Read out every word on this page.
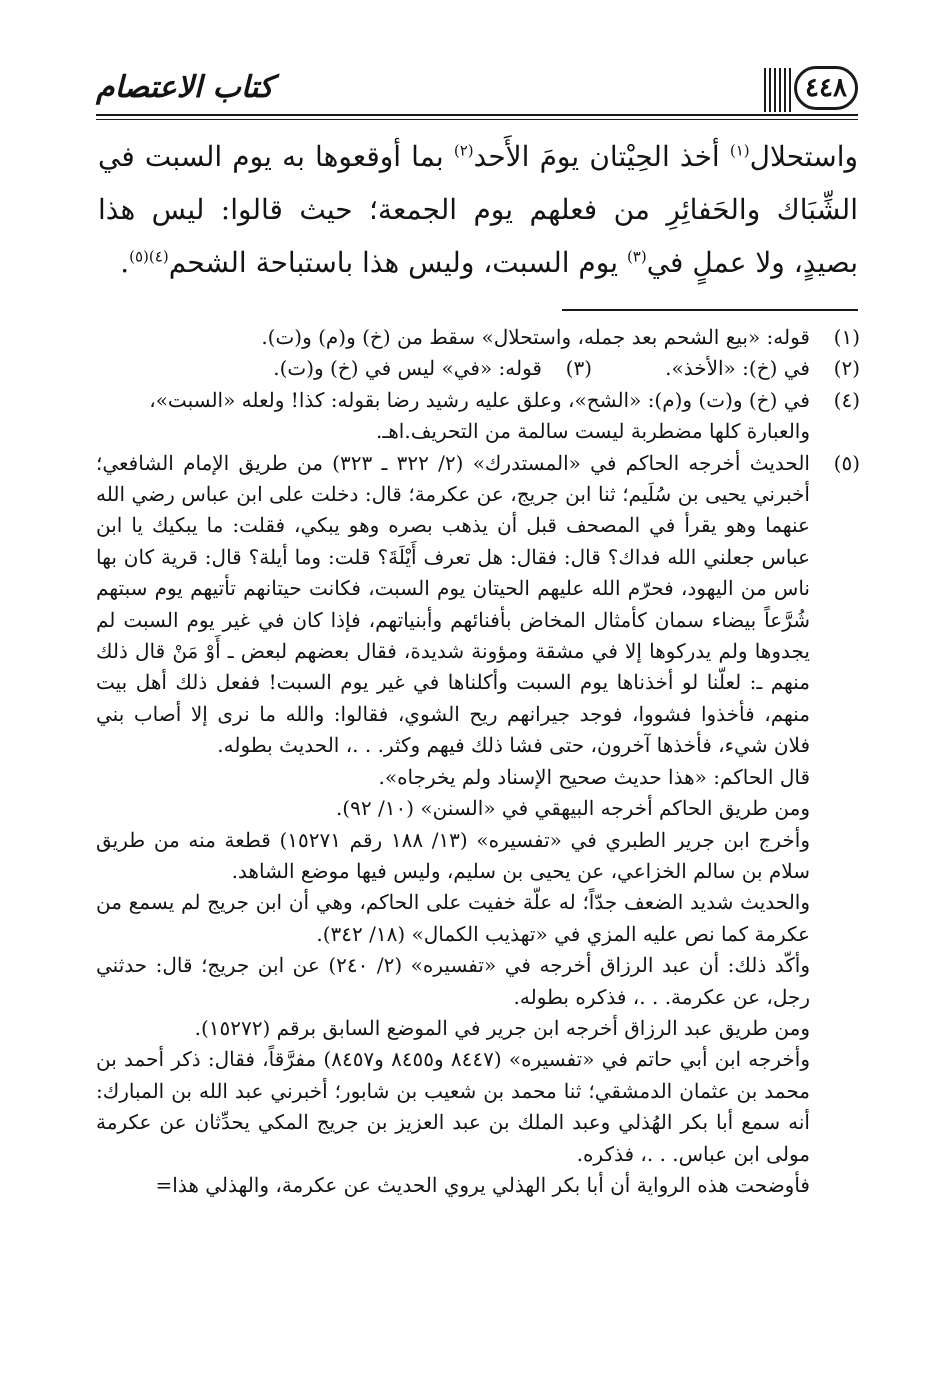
كتاب الاعتصام	٤٤٨

واستحلال$^{(١)}$ أخذ الحِيْتان يومَ الأَحد$^{(٢)}$ بما أوقعوها به يوم السبت في الشِّبَاك والحَفائِرِ من فعلهم يوم الجمعة؛ حيث قالوا: ليس هذا بصيدٍ، ولا عملٍ في$^{(٣)}$ يوم السبت، وليس هذا باستباحة الشحم$^{(٤)(٥)}$.

(١)

قوله: «بيع الشحم بعد جمله، واستحلال» سقط من (خ) و(م) و(ت).

(٢)
في (خ): «الأخذ».
(٣)
قوله: «في» ليس في (خ) و(ت).
(٤)

في (خ) و(ت) و(م): «الشح»، وعلق عليه رشيد رضا بقوله: كذا! ولعله «السبت»،

والعبارة كلها مضطربة ليست سالمة من التحريف.اهـ.

(٥)

الحديث أخرجه الحاكم في «المستدرك» (٢/ ٣٢٢ ـ ٣٢٣) من طريق الإمام الشافعي؛ أخبرني يحيى بن سُلَيم؛ ثنا ابن جريج، عن عكرمة؛ قال: دخلت على ابن عباس رضي الله عنهما وهو يقرأ في المصحف قبل أن يذهب بصره وهو يبكي، فقلت: ما يبكيك يا ابن عباس جعلني الله فداك؟ قال: فقال: هل تعرف أَيْلَةَ؟ قلت: وما أيلة؟ قال: قرية كان بها ناس من اليهود، فحرّم الله عليهم الحيتان يوم السبت، فكانت حيتانهم تأتيهم يوم سبتهم شُرَّعاً بيضاء سمان كأمثال المخاض بأفنائهم وأبنياتهم، فإذا كان في غير يوم السبت لم يجدوها ولم يدركوها إلا في مشقة ومؤونة شديدة، فقال بعضهم لبعض ـ أَوْ مَنْ قال ذلك منهم ـ: لعلّنا لو أخذناها يوم السبت وأكلناها في غير يوم السبت! ففعل ذلك أهل بيت منهم، فأخذوا فشووا، فوجد جيرانهم ريح الشوي، فقالوا: والله ما نرى إلا أصاب بني فلان شيء، فأخذها آخرون، حتى فشا ذلك فيهم وكثر. . .، الحديث بطوله.

قال الحاكم: «هذا حديث صحيح الإسناد ولم يخرجاه».

ومن طريق الحاكم أخرجه البيهقي في «السنن» (١٠/ ٩٢).

وأخرج ابن جرير الطبري في «تفسيره» (١٣/ ١٨٨ رقم ١٥٢٧١) قطعة منه من طريق سلام بن سالم الخزاعي، عن يحيى بن سليم، وليس فيها موضع الشاهد.

والحديث شديد الضعف جدّاً؛ له علّة خفيت على الحاكم، وهي أن ابن جريج لم يسمع من عكرمة كما نص عليه المزي في «تهذيب الكمال» (١٨/ ٣٤٢).

وأكّد ذلك: أن عبد الرزاق أخرجه في «تفسيره» (٢/ ٢٤٠) عن ابن جريج؛ قال: حدثني رجل، عن عكرمة. . .، فذكره بطوله.

ومن طريق عبد الرزاق أخرجه ابن جرير في الموضع السابق برقم (١٥٢٧٢).

وأخرجه ابن أبي حاتم في «تفسيره» (٨٤٤٧ و٨٤٥٥ و٨٤٥٧) مفرَّقاً، فقال: ذكر أحمد بن محمد بن عثمان الدمشقي؛ ثنا محمد بن شعيب بن شابور؛ أخبرني عبد الله بن المبارك: أنه سمع أبا بكر الهُذلي وعبد الملك بن عبد العزيز بن جريج المكي يحدِّثان عن عكرمة مولى ابن عباس. . .، فذكره.

فأوضحت هذه الرواية أن أبا بكر الهذلي يروي الحديث عن عكرمة، والهذلي هذا=
